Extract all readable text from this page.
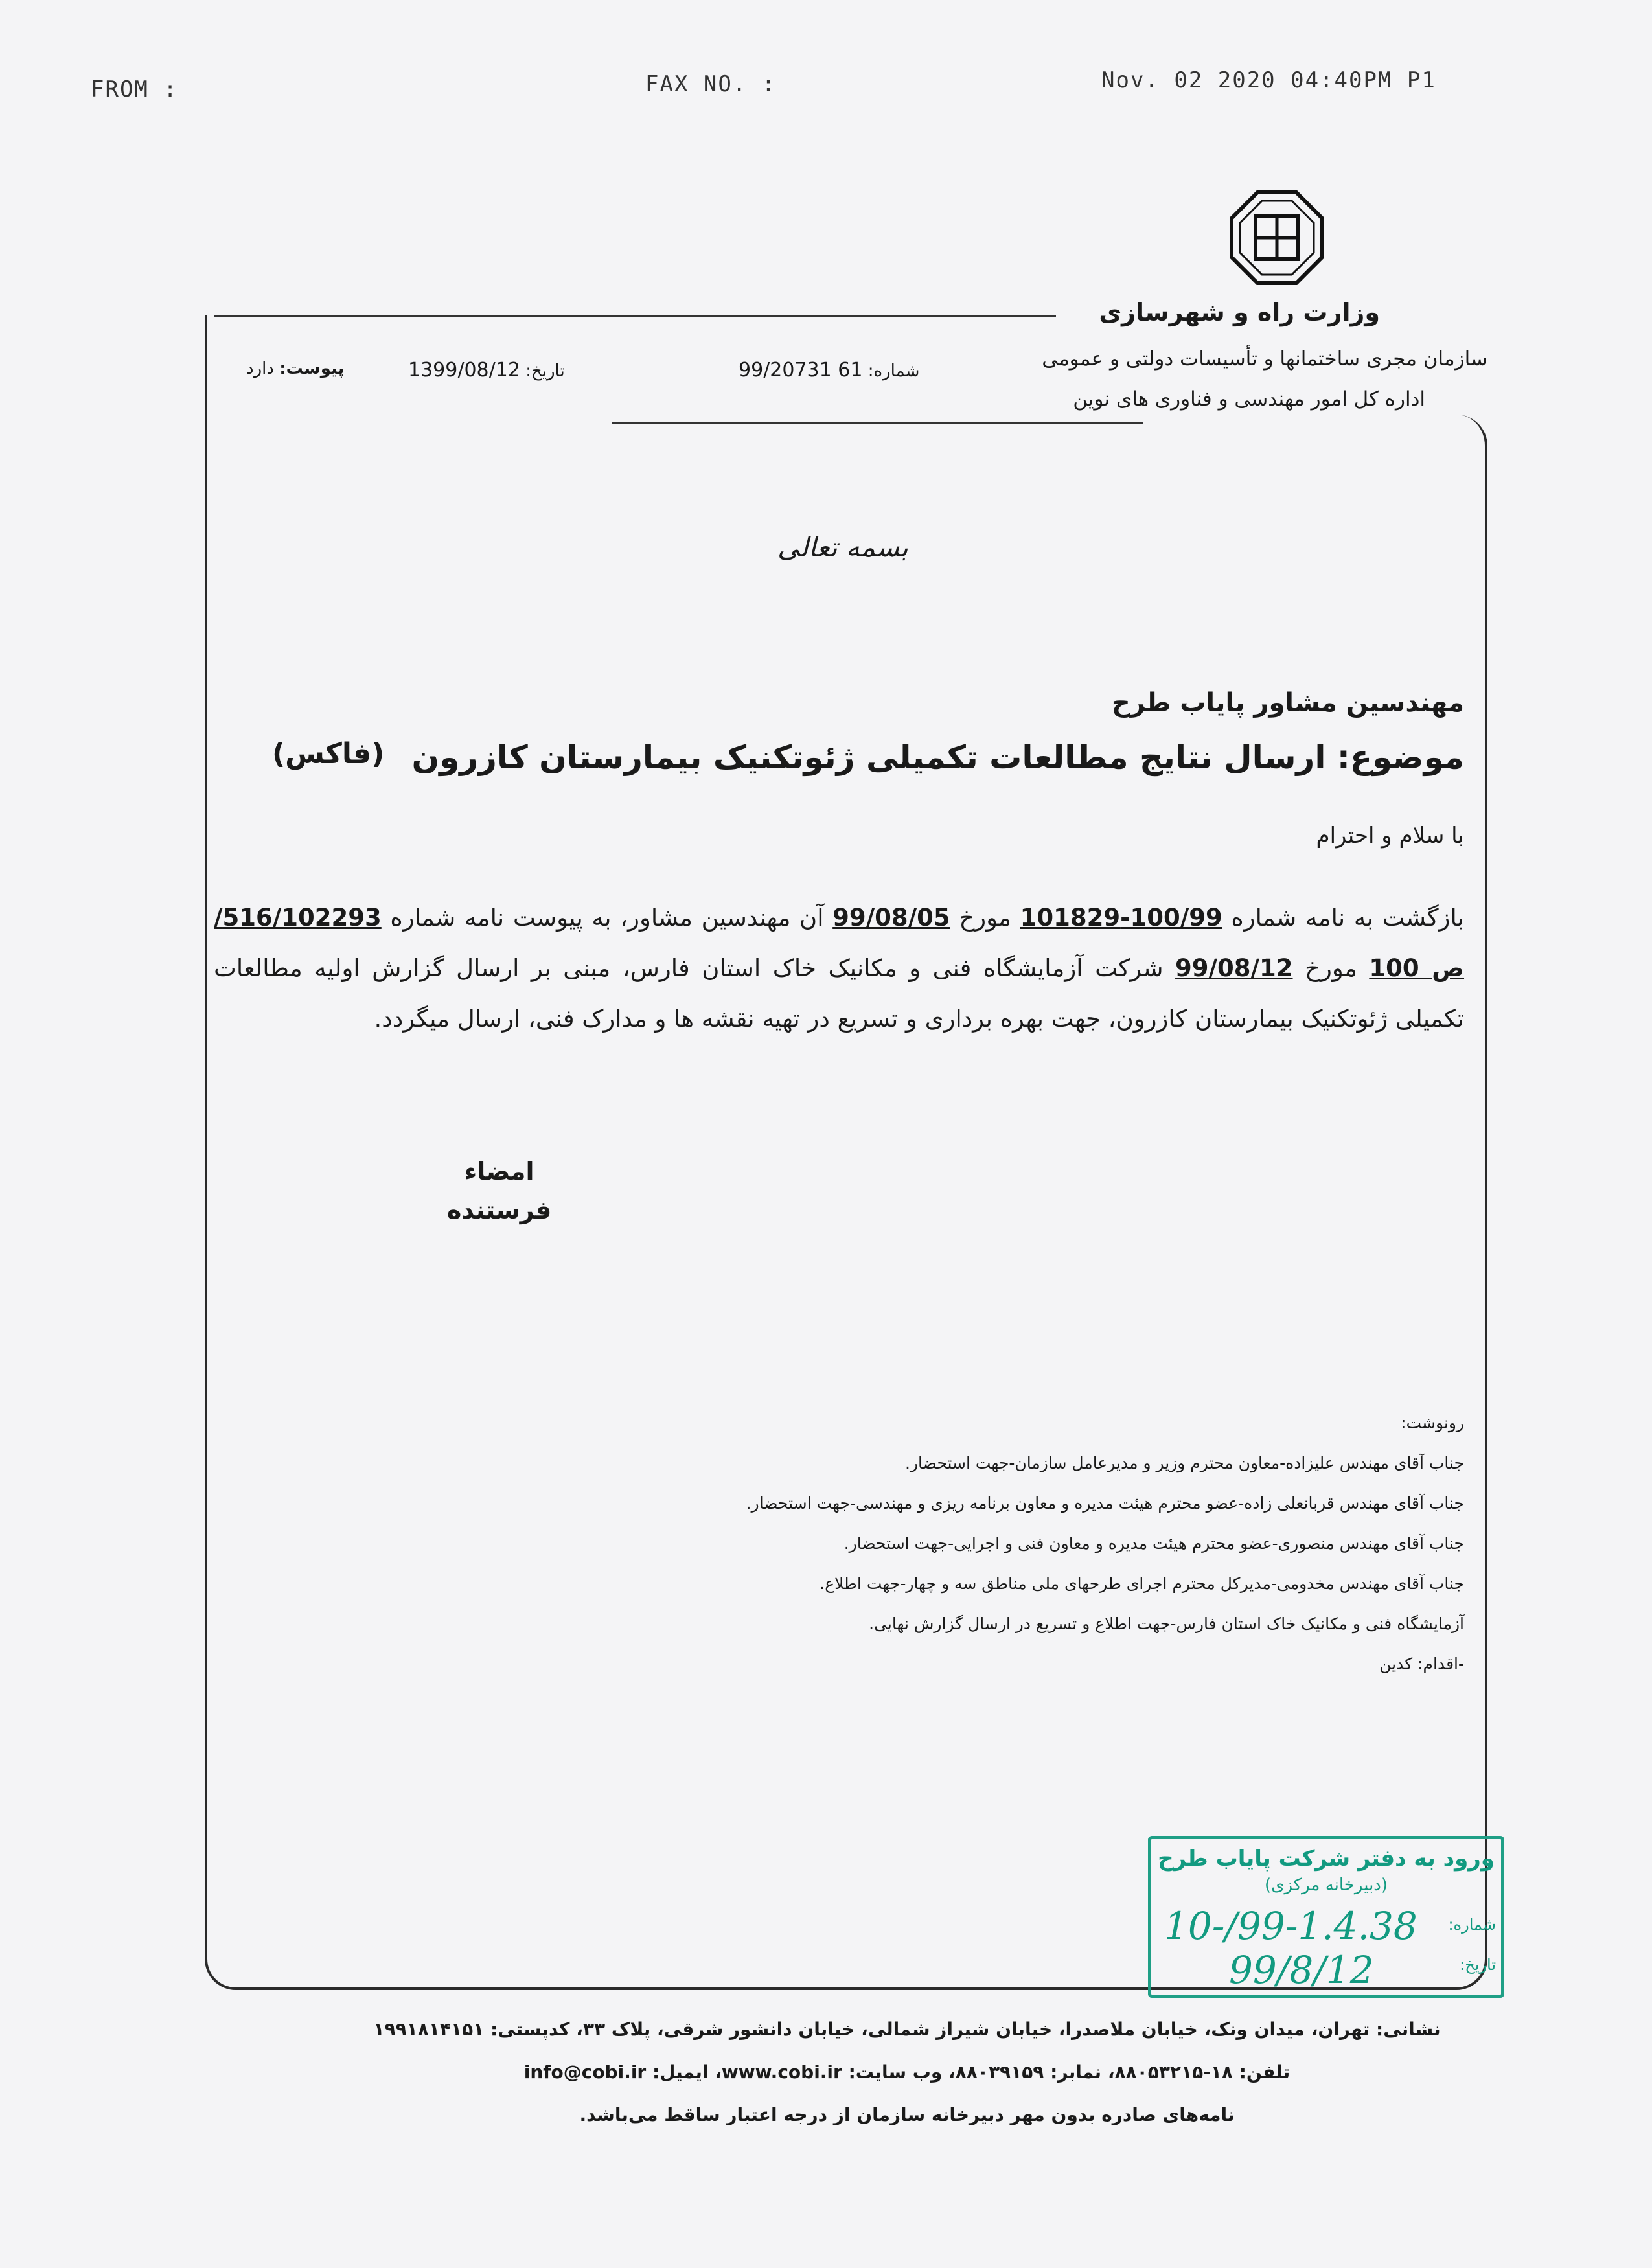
FROM :	FAX NO. :	Nov. 02 2020 04:40PM P1
وزارت راه و شهرسازی
سازمان مجری ساختمانها و تأسیسات دولتی و عمومی
اداره کل امور مهندسی و فناوری های نوین
شماره: 61 99/20731
تاریخ: 1399/08/12
پیوست: دارد
بسمه تعالی
مهندسین مشاور پایاب طرح
موضوع: ارسال نتایج مطالعات تکمیلی ژئوتکنیک بیمارستان کازرون
(فاکس)
با سلام و احترام
بازگشت به نامه شماره 100/99-101829 مورخ 99/08/05 آن مهندسین مشاور، به پیوست نامه شماره 516/102293/ص 100 مورخ 99/08/12 شرکت آزمایشگاه فنی و مکانیک خاک استان فارس، مبنی بر ارسال گزارش اولیه مطالعات تکمیلی ژئوتکنیک بیمارستان کازرون، جهت بهره برداری و تسریع در تهیه نقشه ها و مدارک فنی، ارسال میگردد.
امضاء
فرستنده
رونوشت:
جناب آقای مهندس علیزاده-معاون محترم وزیر و مدیرعامل سازمان-جهت استحضار.
جناب آقای مهندس قربانعلی زاده-عضو محترم هیئت مدیره و معاون برنامه ریزی و مهندسی-جهت استحضار.
جناب آقای مهندس منصوری-عضو محترم هیئت مدیره و معاون فنی و اجرایی-جهت استحضار.
جناب آقای مهندس مخدومی-مدیرکل محترم اجرای طرحهای ملی مناطق سه و چهار-جهت اطلاع.
آزمایشگاه فنی و مکانیک خاک استان فارس-جهت اطلاع و تسریع در ارسال گزارش نهایی.
-اقدام: کدین
ورود به دفتر شرکت پایاب طرح
(دبیرخانه مرکزی)
شماره:
تاریخ:
10-/99-1.4.38
99/8/12
نشانی: تهران، میدان ونک، خیابان ملاصدرا، خیابان شیراز شمالی، خیابان دانشور شرقی، پلاک ۳۳، کدپستی: ۱۹۹۱۸۱۴۱۵۱
تلفن: ۱۸-۸۸۰۵۳۲۱۵، نمابر: ۸۸۰۳۹۱۵۹، وب سایت: www.cobi.ir، ایمیل: info@cobi.ir
نامه‌های صادره بدون مهر دبیرخانه سازمان از درجه اعتبار ساقط می‌باشد.
